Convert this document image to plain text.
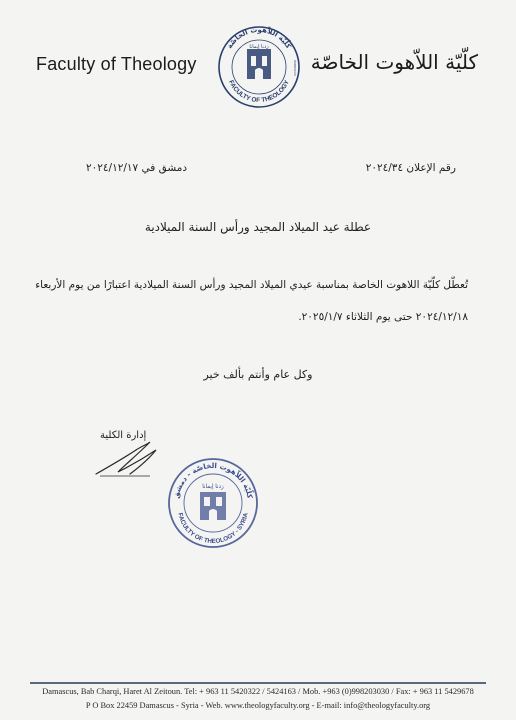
Faculty of Theology	كلّيّة اللاّهوت الخاصّة
كلّيّة اللاّهوت الخاصّة
FACULTY OF THEOLOGY
زدنا إيمانا
DAMASCUS
رقم الإعلان ٢٠٢٤/٣٤
دمشق في ٢٠٢٤/١٢/١٧
عطلة عيد الميلاد المجيد ورأس السنة الميلادية
تُعطّل كلّيّة اللاهوت الخاصة بمناسبة عيدي الميلاد المجيد ورأس السنة الميلادية اعتبارًا من يوم الأربعاء
٢٠٢٤/١٢/١٨ حتى يوم الثلاثاء ٢٠٢٥/١/٧.
وكل عام وأنتم بألف خير
إدارة الكلية
كلّيّة اللاّهوت الخاصّة - دمشق
FACULTY OF THEOLOGY - SYRIA
زدنا إيمانا
Damascus, Bab Charqi, Haret Al Zeitoun. Tel: + 963 11 5420322 / 5424163 / Mob. +963 (0)998203030 / Fax: + 963 11 5429678
P O Box 22459 Damascus - Syria - Web. www.theologyfaculty.org - E-mail: info@theologyfaculty.org
